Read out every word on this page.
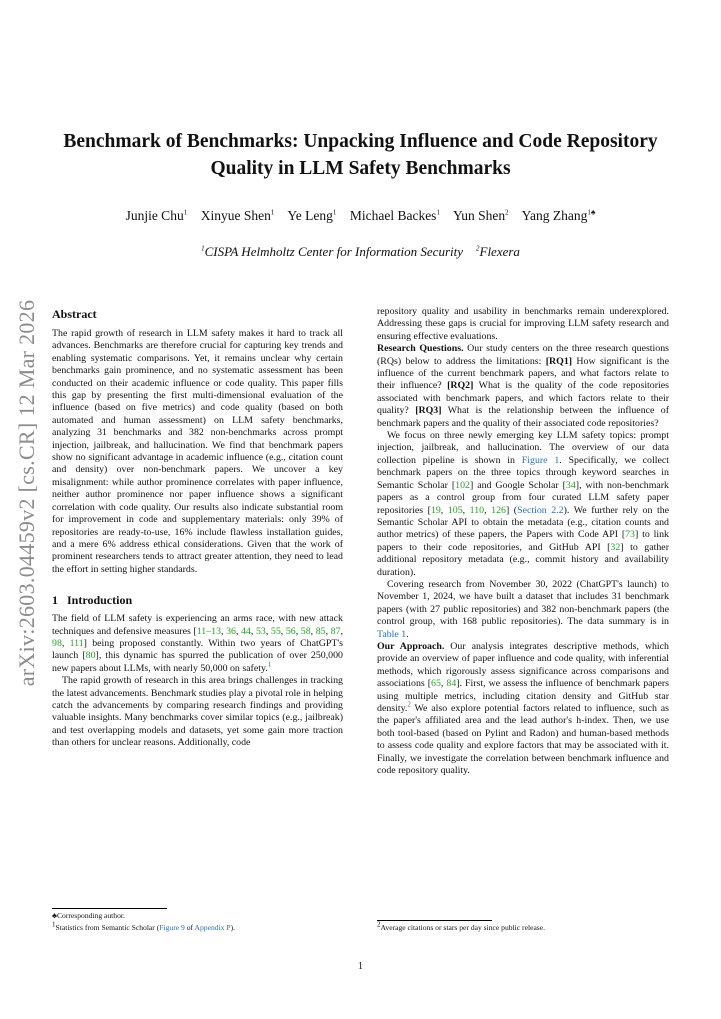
Benchmark of Benchmarks: Unpacking Influence and Code Repository Quality in LLM Safety Benchmarks
Junjie Chu$^1$ Xinyue Shen$^1$ Ye Leng$^1$ Michael Backes$^1$ Yun Shen$^2$ Yang Zhang$^{1♣}$
$^1$CISPA Helmholtz Center for Information Security $^2$Flexera
arXiv:2603.04459v2 [cs.CR] 12 Mar 2026 Abstract

The rapid growth of research in LLM safety makes it hard to track all advances. Benchmarks are therefore crucial for capturing key trends and enabling systematic comparisons. Yet, it remains unclear why certain benchmarks gain prominence, and no systematic assessment has been conducted on their academic influence or code quality. This paper fills this gap by presenting the first multi-dimensional evaluation of the influence (based on five metrics) and code quality (based on both automated and human assessment) on LLM safety benchmarks, analyzing 31 benchmarks and 382 non-benchmarks across prompt injection, jailbreak, and hallucination. We find that benchmark papers show no significant advantage in academic influence (e.g., citation count and density) over non-benchmark papers. We uncover a key misalignment: while author prominence correlates with paper influence, neither author prominence nor paper influence shows a significant correlation with code quality. Our results also indicate substantial room for improvement in code and supplementary materials: only 39% of repositories are ready-to-use, 16% include flawless installation guides, and a mere 6% address ethical considerations. Given that the work of prominent researchers tends to attract greater attention, they need to lead the effort in setting higher standards.

1 Introduction

The field of LLM safety is experiencing an arms race, with new attack techniques and defensive measures [11–13, 36, 44, 53, 55, 56, 58, 85, 87, 98, 111] being proposed constantly. Within two years of ChatGPT's launch [80], this dynamic has spurred the publication of over 250,000 new papers about LLMs, with nearly 50,000 on safety.$^1$

The rapid growth of research in this area brings challenges in tracking the latest advancements. Benchmark studies play a pivotal role in helping catch the advancements by comparing research findings and providing valuable insights. Many benchmarks cover similar topics (e.g., jailbreak) and test overlapping models and datasets, yet some gain more traction than others for unclear reasons. Additionally, code

♣Corresponding author.
$^1$Statistics from Semantic Scholar (Figure 9 of Appendix P).

repository quality and usability in benchmarks remain underexplored. Addressing these gaps is crucial for improving LLM safety research and ensuring effective evaluations.

Research Questions. Our study centers on the three research questions (RQs) below to address the limitations: [RQ1] How significant is the influence of the current benchmark papers, and what factors relate to their influence? [RQ2] What is the quality of the code repositories associated with benchmark papers, and which factors relate to their quality? [RQ3] What is the relationship between the influence of benchmark papers and the quality of their associated code repositories?

We focus on three newly emerging key LLM safety topics: prompt injection, jailbreak, and hallucination. The overview of our data collection pipeline is shown in Figure 1. Specifically, we collect benchmark papers on the three topics through keyword searches in Semantic Scholar [102] and Google Scholar [34], with non-benchmark papers as a control group from four curated LLM safety paper repositories [19, 105, 110, 126] (Section 2.2). We further rely on the Semantic Scholar API to obtain the metadata (e.g., citation counts and author metrics) of these papers, the Papers with Code API [73] to link papers to their code repositories, and GitHub API [32] to gather additional repository metadata (e.g., commit history and availability duration).

Covering research from November 30, 2022 (ChatGPT's launch) to November 1, 2024, we have built a dataset that includes 31 benchmark papers (with 27 public repositories) and 382 non-benchmark papers (the control group, with 168 public repositories). The data summary is in Table 1.

Our Approach. Our analysis integrates descriptive methods, which provide an overview of paper influence and code quality, with inferential methods, which rigorously assess significance across comparisons and associations [65, 84]. First, we assess the influence of benchmark papers using multiple metrics, including citation density and GitHub star density.$^2$ We also explore potential factors related to influence, such as the paper's affiliated area and the lead author's h-index. Then, we use both tool-based (based on Pylint and Radon) and human-based methods to assess code quality and explore factors that may be associated with it. Finally, we investigate the correlation between benchmark influence and code repository quality.

$^2$Average citations or stars per day since public release.
1
